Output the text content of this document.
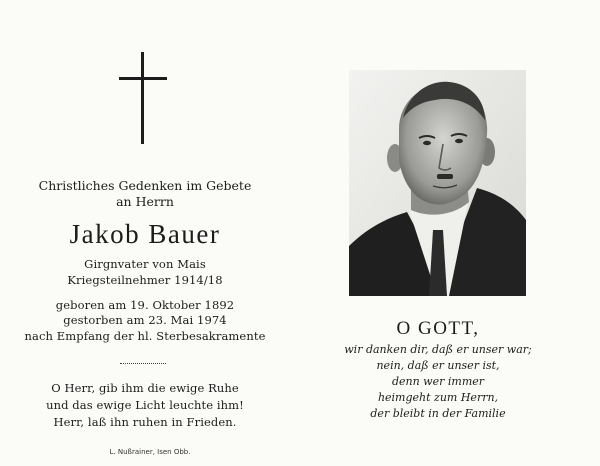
Christliches Gedenken im Gebete
an Herrn
Jakob Bauer
Girgnvater von Mais
Kriegsteilnehmer 1914/18
geboren am 19. Oktober 1892
gestorben am 23. Mai 1974
nach Empfang der hl. Sterbesakramente
O Herr, gib ihm die ewige Ruhe
und das ewige Licht leuchte ihm!
Herr, laß ihn ruhen in Frieden.
L. Nußrainer, Isen Obb.
O GOTT,
wir danken dir, daß er unser war;
nein, daß er unser ist,
denn wer immer
heimgeht zum Herrn,
der bleibt in der Familie
